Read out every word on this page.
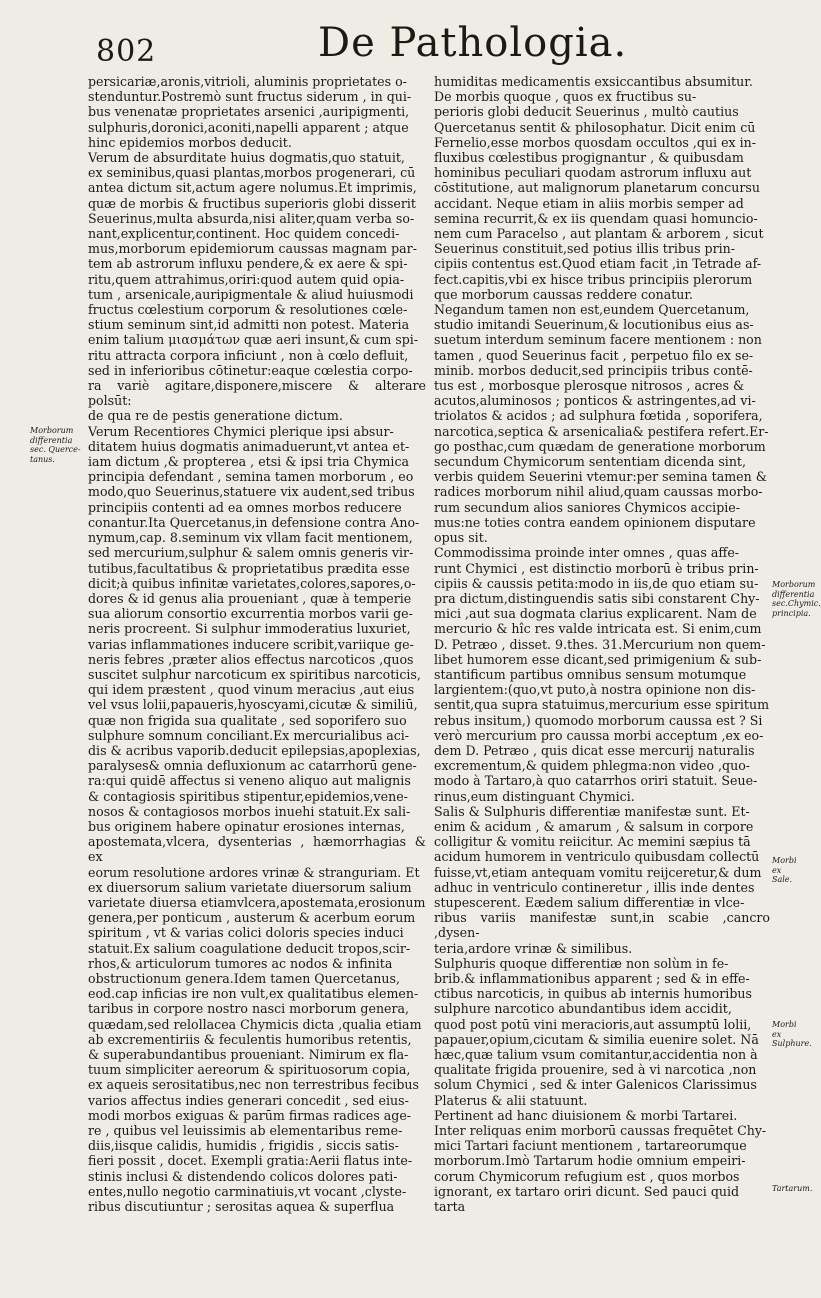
802	De Pathologia.
Morborum
differentia
sec. Querce-
tanus.
Morborum
differentia
sec.Chymic.
principia.
Morbi ex
Sale.
Morbi ex
Sulphure.
Tartarum.

persicariæ,aronis,vitrioli, aluminis proprietates o-
stenduntur.Postremò sunt fructus siderum , in qui-
bus venenatæ proprietates arsenici ,auripigmenti,
sulphuris,doronici,aconiti,napelli apparent ; atque
hinc epidemios morbos deducit.

Verum de absurditate huius dogmatis,quo statuit,
ex seminibus,quasi plantas,morbos progenerari, cū
antea dictum sit,actum agere nolumus.Et imprimis,
quæ de morbis & fructibus superioris globi disserit
Seuerinus,multa absurda,nisi aliter,quam verba so-
nant,explicentur,continent. Hoc quidem concedi-
mus,morborum epidemiorum caussas magnam par-
tem ab astrorum influxu pendere,& ex aere & spi-
ritu,quem attrahimus,oriri:quod autem quid opia-
tum , arsenicale,auripigmentale & aliud huiusmodi
fructus cœlestium corporum & resolutiones cœle-
stium seminum sint,id admitti non potest. Materia
enim talium μιασμάτων quæ aeri insunt,& cum spi-
ritu attracta corpora inficiunt , non à cœlo defluit,
sed in inferioribus cōtinetur:eaque cœlestia corpo-
ra variè agitare,disponere,miscere & alterare polsūt:
de qua re de pestis generatione dictum.

Verum Recentiores Chymici plerique ipsi absur-
ditatem huius dogmatis animaduerunt,vt antea et-
iam dictum ,& propterea , etsi & ipsi tria Chymica
principia defendant , semina tamen morborum , eo
modo,quo Seuerinus,statuere vix audent,sed tribus
principiis contenti ad ea omnes morbos reducere
conantur.Ita Quercetanus,in defensione contra Ano-
nymum,cap. 8.seminum vix vllam facit mentionem,
sed mercurium,sulphur & salem omnis generis vir-
tutibus,facultatibus & proprietatibus prædita esse
dicit;à quibus infinitæ varietates,colores,sapores,o-
dores & id genus alia proueniant , quæ à temperie
sua aliorum consortio excurrentia morbos varii ge-
neris procreent. Si sulphur immoderatius luxuriet,
varias inflammationes inducere scribit,variique ge-
neris febres ,præter alios effectus narcoticos ,quos
suscitet sulphur narcoticum ex spiritibus narcoticis,
qui idem præstent , quod vinum meracius ,aut eius
vel vsus lolii,papaueris,hyoscyami,cicutæ & similiū,
quæ non frigida sua qualitate , sed soporifero suo
sulphure somnum conciliant.Ex mercurialibus aci-
dis & acribus vaporib.deducit epilepsias,apoplexias,
paralyses& omnia defluxionum ac catarrhorū gene-
ra:qui quidē affectus si veneno aliquo aut malignis
& contagiosis spiritibus stipentur,epidemios,vene-
nosos & contagiosos morbos inuehi statuit.Ex sali-
bus originem habere opinatur erosiones internas,
apostemata,vlcera, dysenterias , hæmorrhagias & ex
eorum resolutione ardores vrinæ & stranguriam. Et
ex diuersorum salium varietate diuersorum salium
varietate diuersa etiamvlcera,apostemata,erosionum
genera,per ponticum , austerum & acerbum eorum
spiritum , vt & varias colici doloris species induci
statuit.Ex salium coagulatione deducit tropos,scir-
rhos,& articulorum tumores ac nodos & infinita
obstructionum genera.Idem tamen Quercetanus,
eod.cap inficias ire non vult,ex qualitatibus elemen-
taribus in corpore nostro nasci morborum genera,
quædam,sed relollacea Chymicis dicta ,qualia etiam
ab excrementiriis & feculentis humoribus retentis,
& superabundantibus proueniant. Nimirum ex fla-
tuum simpliciter aereorum & spirituosorum copia,
ex aqueis serositatibus,nec non terrestribus fecibus
varios affectus indies generari concedit , sed eius-
modi morbos exiguas & parūm firmas radices age-
re , quibus vel leuissimis ab elementaribus reme-
diis,iisque calidis, humidis , frigidis , siccis satis-
fieri possit , docet. Exempli gratia:Aerii flatus inte-
stinis inclusi & distendendo colicos dolores pati-
entes,nullo negotio carminatiuis,vt vocant ,clyste-
ribus discutiuntur ; serositas aquea & superflua

humiditas medicamentis exsiccantibus absumitur.

De morbis quoque , quos ex fructibus su-
perioris globi deducit Seuerinus , multò cautius
Quercetanus sentit & philosophatur. Dicit enim cū
Fernelio,esse morbos quosdam occultos ,qui ex in-
fluxibus cœlestibus progignantur , & quibusdam
hominibus peculiari quodam astrorum influxu aut
cōstitutione, aut malignorum planetarum concursu
accidant. Neque etiam in aliis morbis semper ad
semina recurrit,& ex iis quendam quasi homuncio-
nem cum Paracelso , aut plantam & arborem , sicut
Seuerinus constituit,sed potius illis tribus prin-
cipiis contentus est.Quod etiam facit ,in Tetrade af-
fect.capitis,vbi ex hisce tribus principiis plerorum
que morborum caussas reddere conatur.

Negandum tamen non est,eundem Quercetanum,
studio imitandi Seuerinum,& locutionibus eius as-
suetum interdum seminum facere mentionem : non
tamen , quod Seuerinus facit , perpetuo filo ex se-
minib. morbos deducit,sed principiis tribus contē-
tus est , morbosque plerosque nitrosos , acres &
acutos,aluminosos ; ponticos & astringentes,ad vi-
triolatos & acidos ; ad sulphura fœtida , soporifera,
narcotica,septica & arsenicalia& pestifera refert.Er-
go posthac,cum quædam de generatione morborum
secundum Chymicorum sententiam dicenda sint,
verbis quidem Seuerini vtemur:per semina tamen &
radices morborum nihil aliud,quam caussas morbo-
rum secundum alios saniores Chymicos accipie-
mus:ne toties contra eandem opinionem disputare
opus sit.

Commodissima proinde inter omnes , quas affe-
runt Chymici , est distinctio morborū è tribus prin-
cipiis & caussis petita:modo in iis,de quo etiam su-
pra dictum,distinguendis satis sibi constarent Chy-
mici ,aut sua dogmata clarius explicarent. Nam de
mercurio & hîc res valde intricata est. Si enim,cum
D. Petræo , disset. 9.thes. 31.Mercurium non quem-
libet humorem esse dicant,sed primigenium & sub-
stantificum partibus omnibus sensum motumque
largientem:(quo,vt puto,à nostra opinione non dis-
sentit,qua supra statuimus,mercurium esse spiritum
rebus insitum,) quomodo morborum caussa est ? Si
verò mercurium pro caussa morbi acceptum ,ex eo-
dem D. Petræo , quis dicat esse mercurij naturalis
excrementum,& quidem phlegma:non video ,quo-
modo à Tartaro,à quo catarrhos oriri statuit. Seue-
rinus,eum distinguant Chymici.

Salis & Sulphuris differentiæ manifestæ sunt. Et-
enim & acidum , & amarum , & salsum in corpore
colligitur & vomitu reiicitur. Ac memini sæpius tā
acidum humorem in ventriculo quibusdam collectū
fuisse,vt,etiam antequam vomitu reijceretur,& dum
adhuc in ventriculo contineretur , illis inde dentes
stupescerent. Eædem salium differentiæ in vlce-
ribus variis manifestæ sunt,in scabie ,cancro ,dysen-
teria,ardore vrinæ & similibus.

Sulphuris quoque differentiæ non solùm in fe-
brib.& inflammationibus apparent ; sed & in effe-
ctibus narcoticis, in quibus ab internis humoribus
sulphure narcotico abundantibus idem accidit,
quod post potū vini meracioris,aut assumptū lolii,
papauer,opium,cicutam & similia euenire solet. Nā
hæc,quæ talium vsum comitantur,accidentia non à
qualitate frigida prouenire, sed à vi narcotica ,non
solum Chymici , sed & inter Galenicos Clarissimus
Platerus & alii statuunt.

Pertinent ad hanc diuisionem & morbi Tartarei.
Inter reliquas enim morborū caussas frequētet Chy-
mici Tartari faciunt mentionem , tartareorumque
morborum.Imò Tartarum hodie omnium empeiri-
corum Chymicorum refugium est , quos morbos
ignorant, ex tartaro oriri dicunt. Sed pauci quid
tarta
